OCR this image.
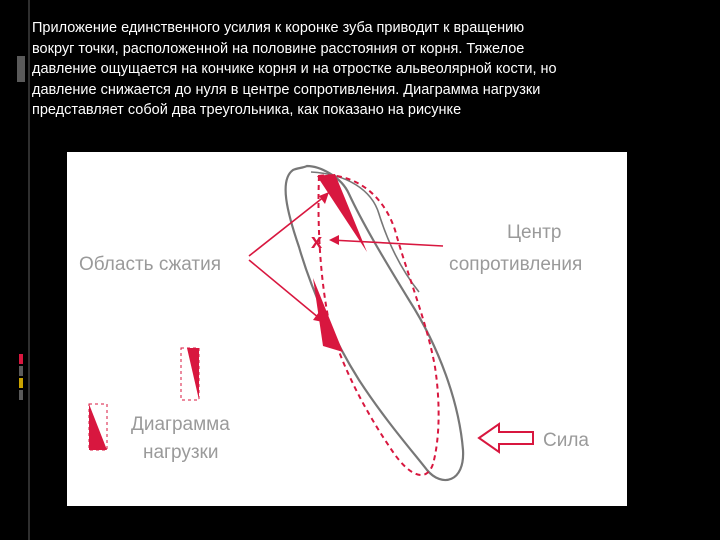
Приложение единственного усилия к коронке зуба приводит к вращению
вокруг точки, расположенной на половине расстояния от корня. Тяжелое
давление ощущается на кончике корня и на отростке альвеолярной кости, но
давление снижается до нуля в центре сопротивления. Диаграмма нагрузки
представляет собой два треугольника, как показано на рисунке
x
Область сжатия
Центр
сопротивления
Диаграмма
нагрузки
Сила
